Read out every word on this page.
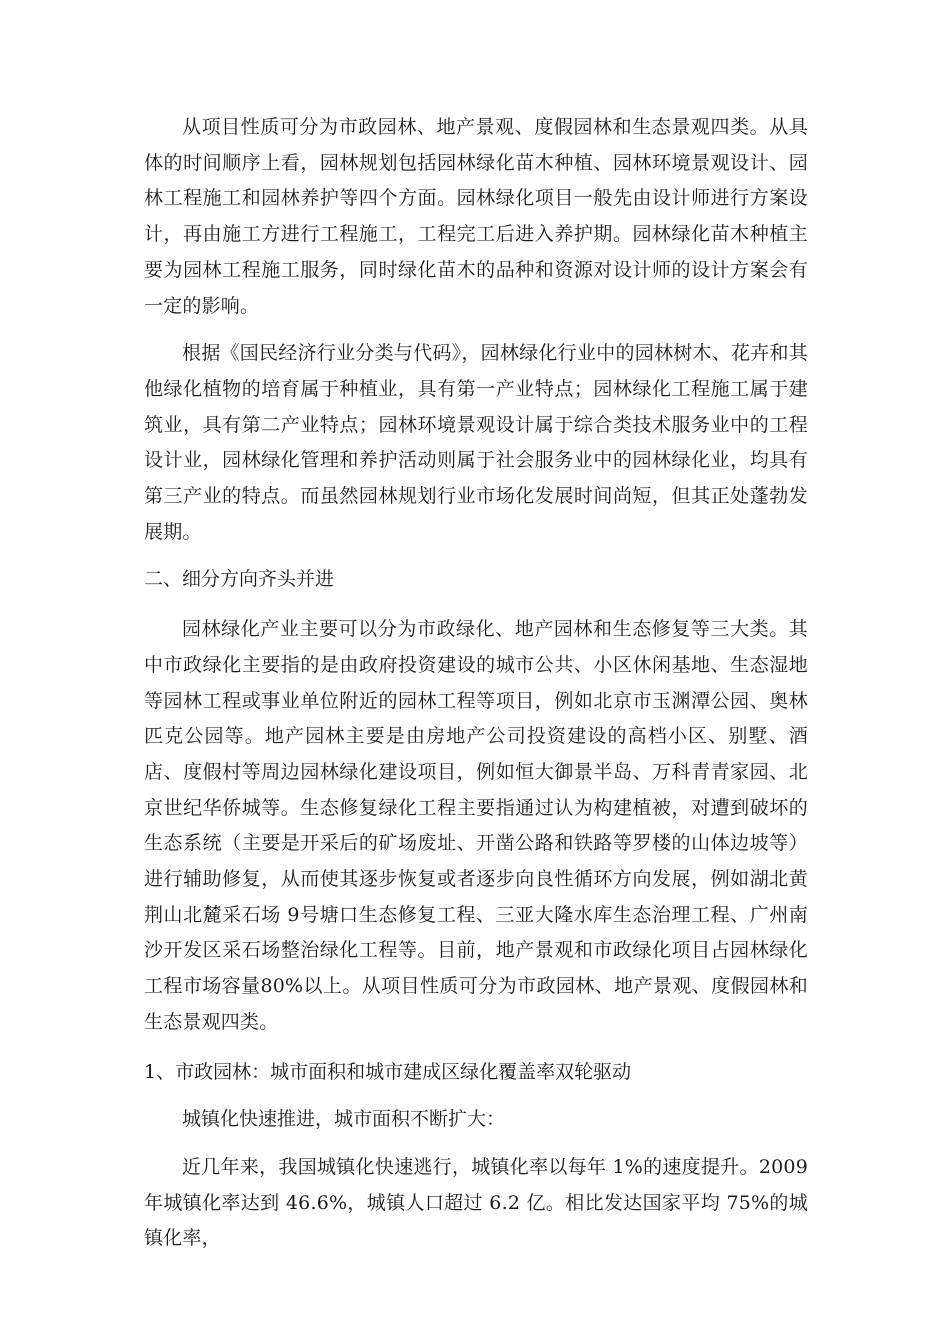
从项目性质可分为市政园林、地产景观、度假园林和生态景观四类。从具体的时间顺序上看，园林规划包括园林绿化苗木种植、园林环境景观设计、园林工程施工和园林养护等四个方面。园林绿化项目一般先由设计师进行方案设计，再由施工方进行工程施工，工程完工后进入养护期。园林绿化苗木种植主要为园林工程施工服务，同时绿化苗木的品种和资源对设计师的设计方案会有一定的影响。

根据《国民经济行业分类与代码》，园林绿化行业中的园林树木、花卉和其他绿化植物的培育属于种植业，具有第一产业特点；园林绿化工程施工属于建筑业，具有第二产业特点；园林环境景观设计属于综合类技术服务业中的工程设计业，园林绿化管理和养护活动则属于社会服务业中的园林绿化业，均具有第三产业的特点。而虽然园林规划行业市场化发展时间尚短，但其正处蓬勃发展期。

二、细分方向齐头并进

园林绿化产业主要可以分为市政绿化、地产园林和生态修复等三大类。其中市政绿化主要指的是由政府投资建设的城市公共、小区休闲基地、生态湿地等园林工程或事业单位附近的园林工程等项目，例如北京市玉渊潭公园、奥林匹克公园等。地产园林主要是由房地产公司投资建设的高档小区、别墅、酒店、度假村等周边园林绿化建设项目，例如恒大御景半岛、万科青青家园、北京世纪华侨城等。生态修复绿化工程主要指通过认为构建植被，对遭到破坏的生态系统（主要是开采后的矿场废址、开凿公路和铁路等罗楼的山体边坡等）进行辅助修复，从而使其逐步恢复或者逐步向良性循环方向发展，例如湖北黄荆山北麓采石场 9号塘口生态修复工程、三亚大隆水库生态治理工程、广州南沙开发区采石场整治绿化工程等。目前，地产景观和市政绿化项目占园林绿化工程市场容量80%以上。从项目性质可分为市政园林、地产景观、度假园林和生态景观四类。

1、市政园林：城市面积和城市建成区绿化覆盖率双轮驱动

城镇化快速推进，城市面积不断扩大：

近几年来，我国城镇化快速逃行，城镇化率以每年 1%的速度提升。2009 年城镇化率达到 46.6%，城镇人口超过 6.2 亿。相比发达国家平均 75%的城镇化率，
